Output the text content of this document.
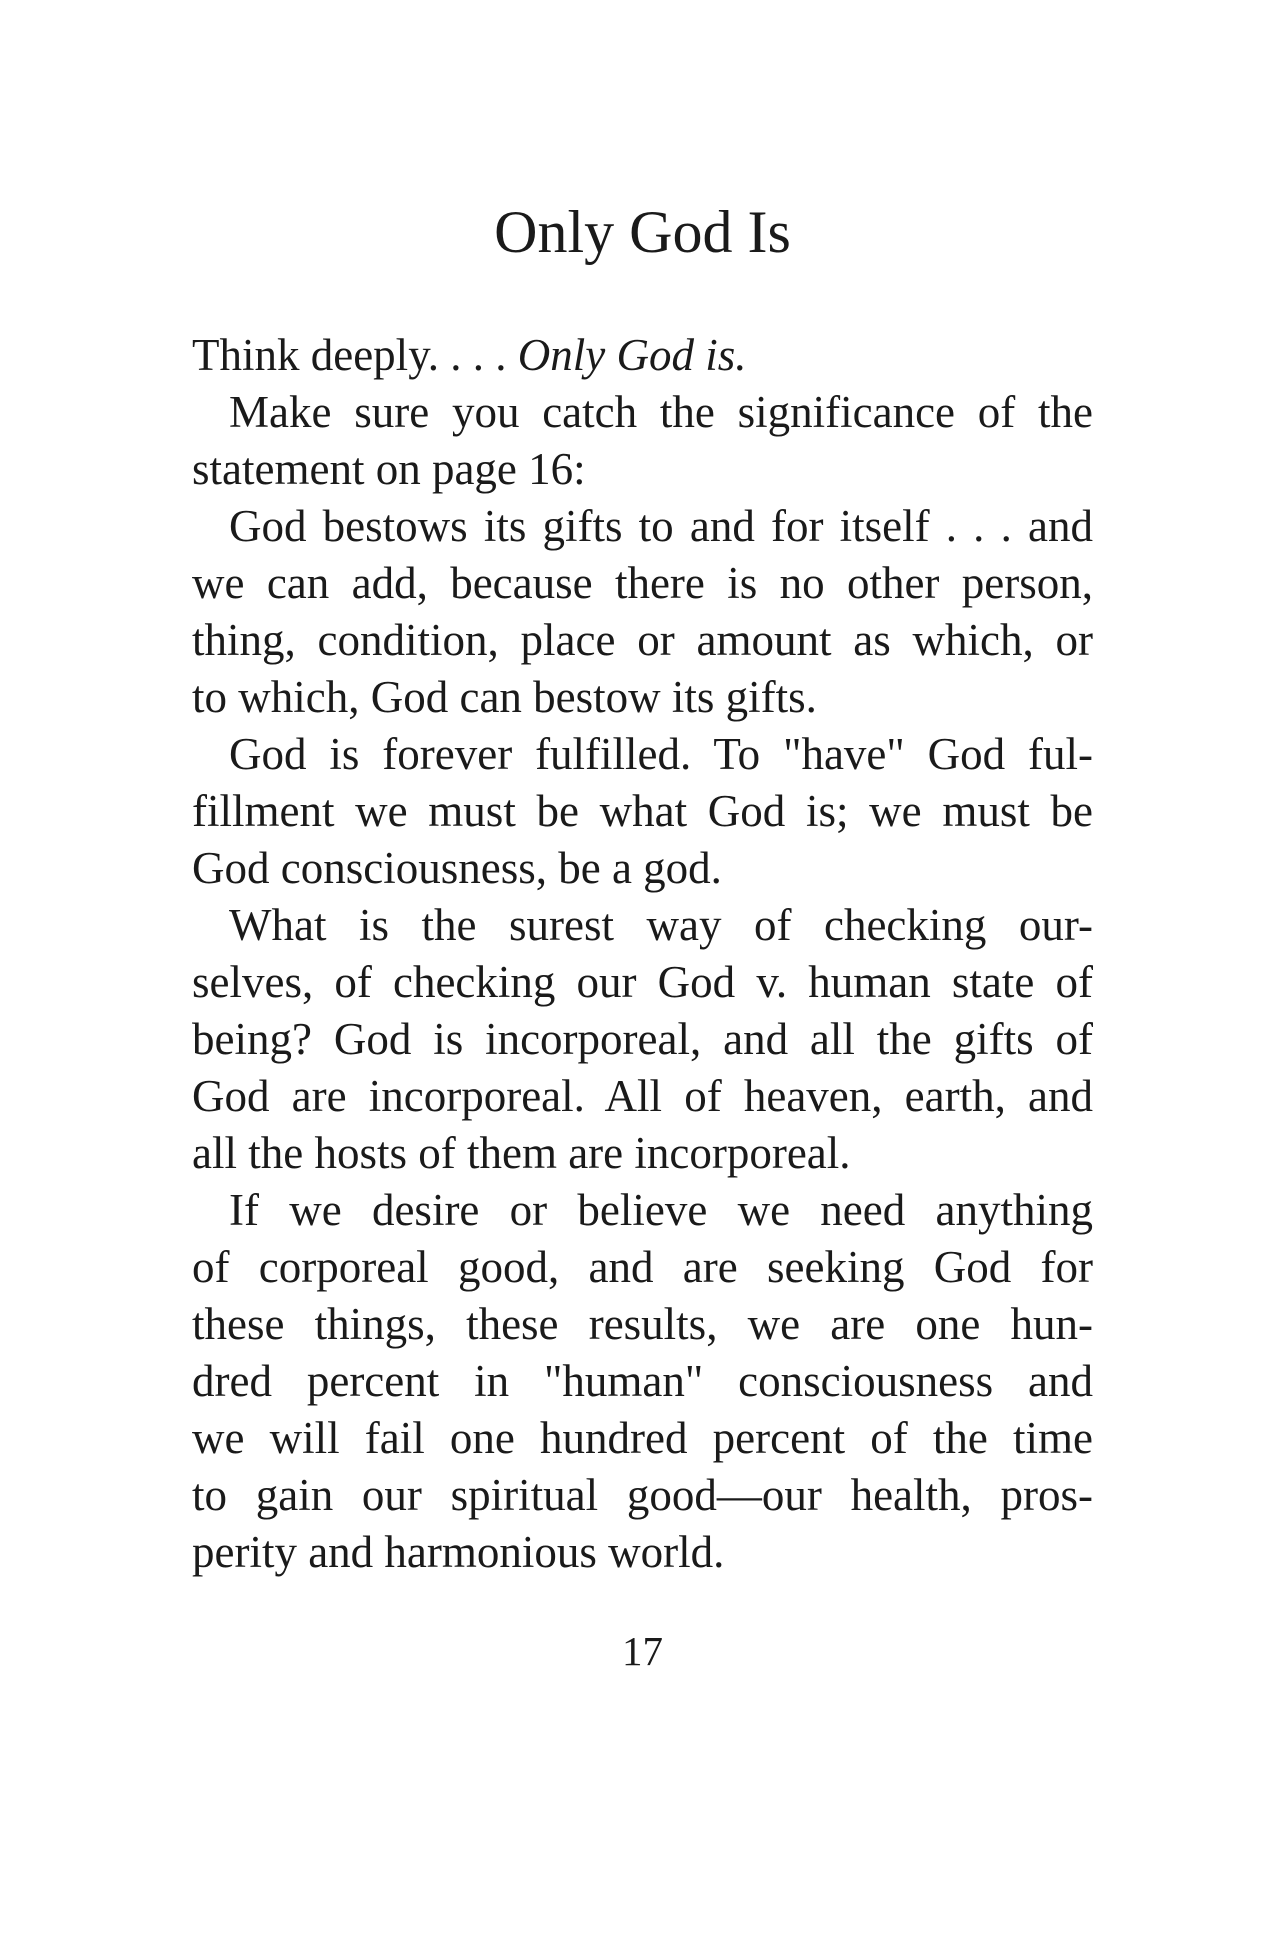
Only God Is
Think deeply. . . . Only God is.
Make sure you catch the significance of the
statement on page 16:
God bestows its gifts to and for itself . . . and
we can add, because there is no other person,
thing, condition, place or amount as which, or
to which, God can bestow its gifts.
God is forever fulfilled. To "have" God ful-
fillment we must be what God is; we must be
God consciousness, be a god.
What is the surest way of checking our-
selves, of checking our God v. human state of
being? God is incorporeal, and all the gifts of
God are incorporeal. All of heaven, earth, and
all the hosts of them are incorporeal.
If we desire or believe we need anything
of corporeal good, and are seeking God for
these things, these results, we are one hun-
dred percent in "human" consciousness and
we will fail one hundred percent of the time
to gain our spiritual good—our health, pros-
perity and harmonious world.
17
